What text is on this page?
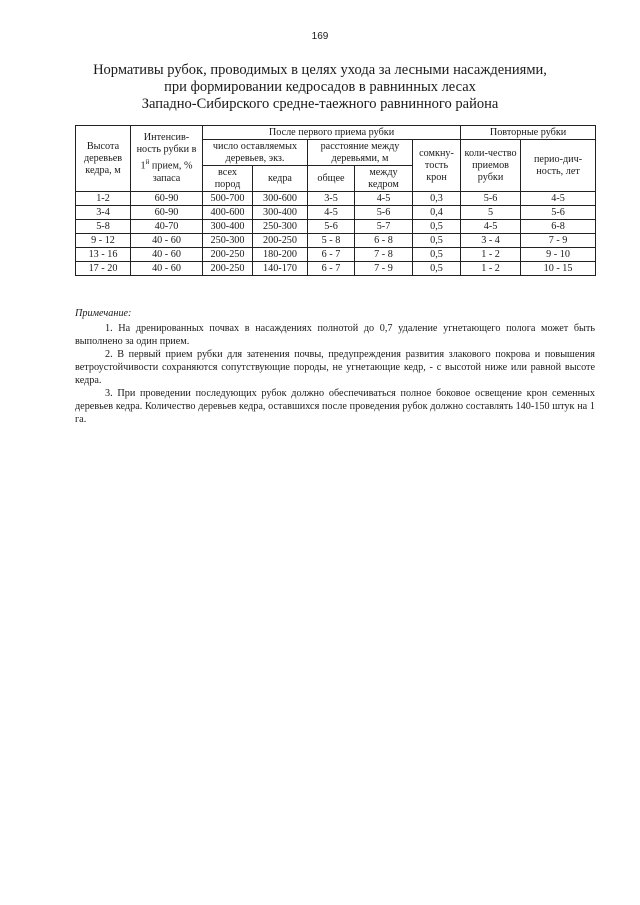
169
Нормативы рубок, проводимых в целях ухода за лесными насаждениями,
при формировании кедросадов в равнинных лесах
Западно-Сибирского средне-таежного равнинного района
Высота деревьев кедра, м	Интенсив-ность рубки в $1^й$ прием, % запаса	После первого приема рубки					Повторные рубки	
		число оставляемых деревьев, экз.		расстояние между деревьями, м		сомкну-тость крон	коли-чество приемов рубки	перио-дич-ность, лет
		всех пород	кедра	общее	между кедром			
1-2	60-90	500-700	300-600	3-5	4-5	0,3	5-6	4-5
3-4	60-90	400-600	300-400	4-5	5-6	0,4	5	5-6
5-8	40-70	300-400	250-300	5-6	5-7	0,5	4-5	6-8
9 - 12	40 - 60	250-300	200-250	5 - 8	6 - 8	0,5	3 - 4	7 - 9
13 - 16	40 - 60	200-250	180-200	6 - 7	7 - 8	0,5	1 - 2	9 - 10
17 - 20	40 - 60	200-250	140-170	6 - 7	7 - 9	0,5	1 - 2	10 - 15
Примечание:

1. На дренированных почвах в насаждениях полнотой до 0,7 удаление угнетающего полога может быть выполнено за один прием.

2. В первый прием рубки для затенения почвы, предупреждения развития злакового покрова и повышения ветроустойчивости сохраняются сопутствующие породы, не угнетающие кедр, - с высотой ниже или равной высоте кедра.

3. При проведении последующих рубок должно обеспечиваться полное боковое освещение крон семенных деревьев кедра. Количество деревьев кедра, оставшихся после проведения рубок должно составлять 140-150 штук на 1 га.
